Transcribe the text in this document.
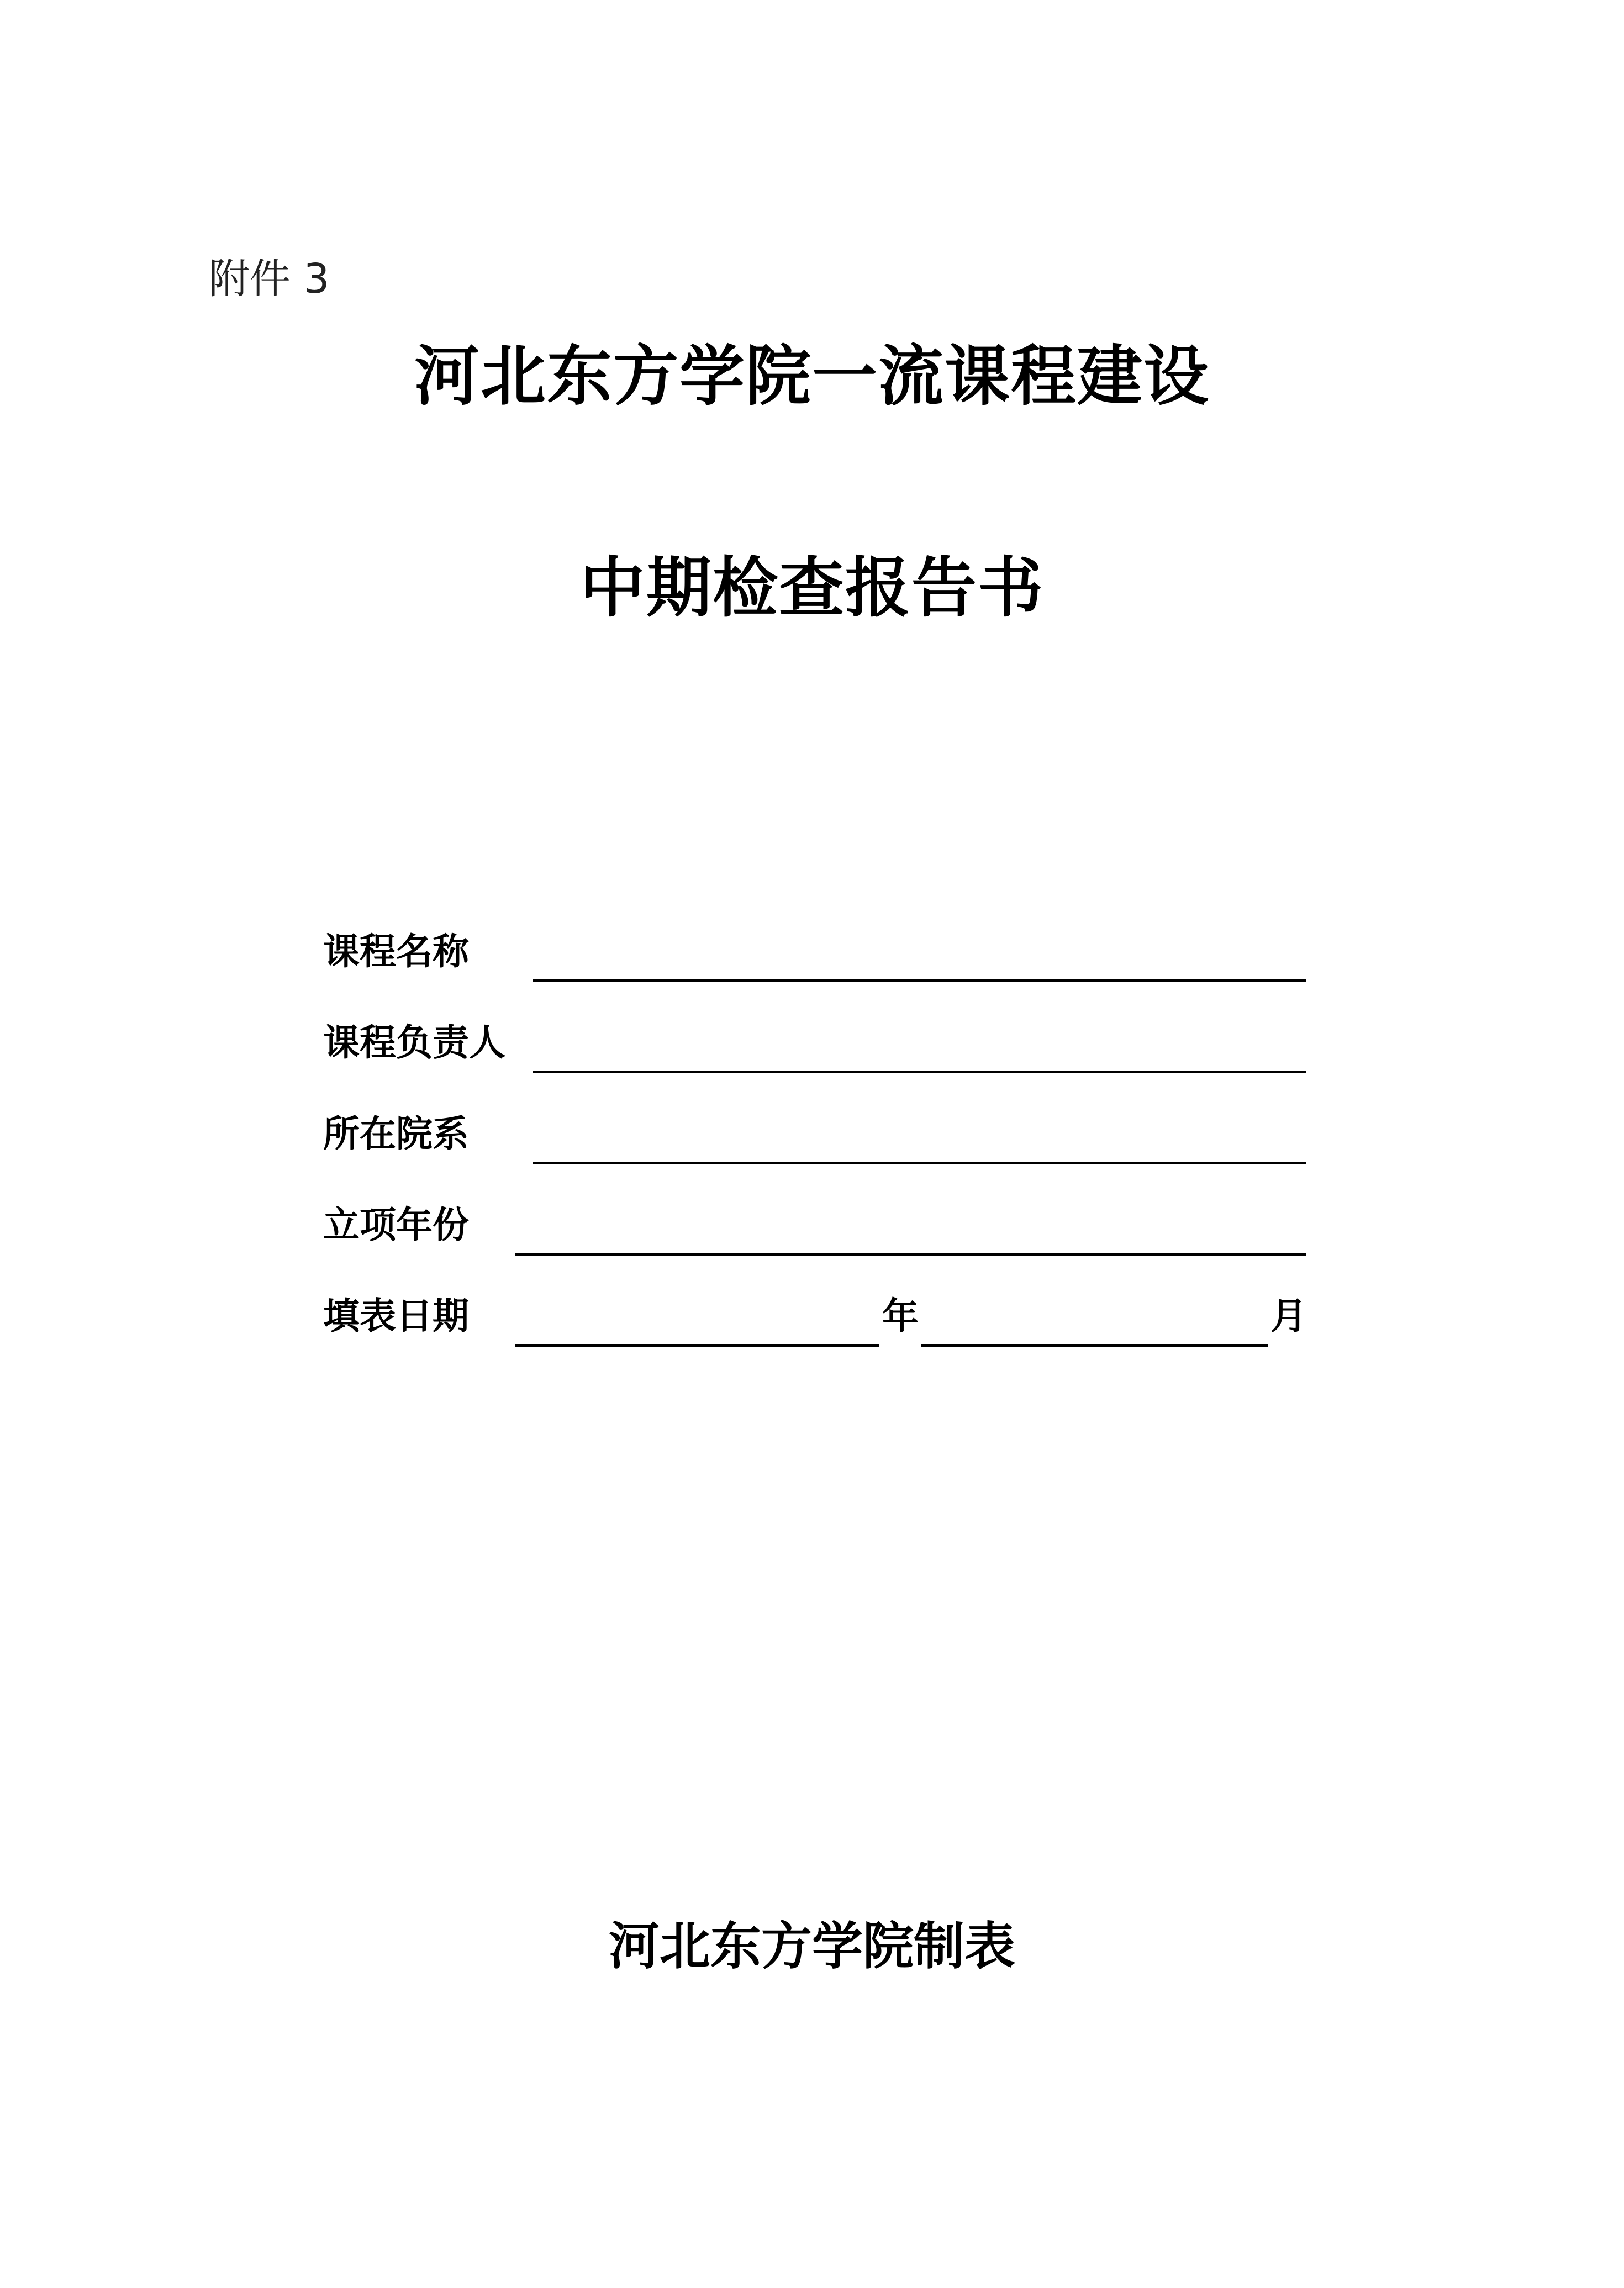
附件 3
河北东方学院一流课程建设
中期检查报告书
课程名称
课程负责人
所在院系
立项年份
填表日期	年	月
河北东方学院制表
